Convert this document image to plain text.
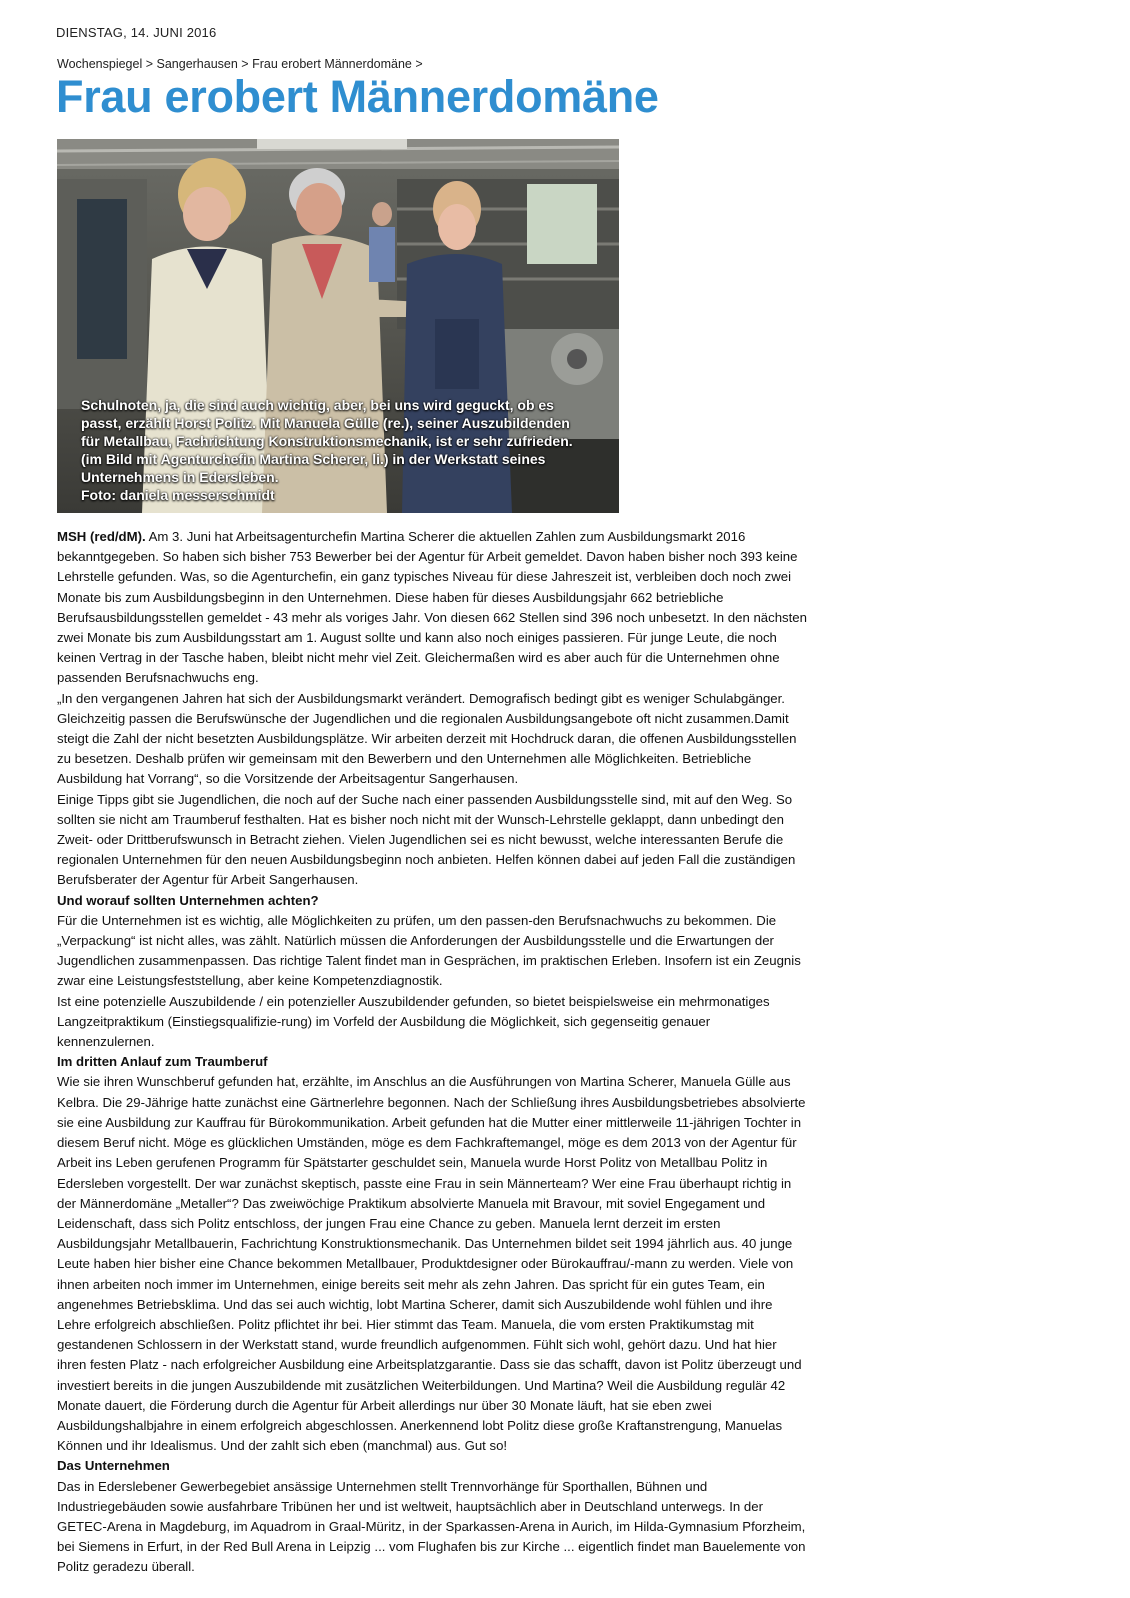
DIENSTAG, 14. JUNI 2016
Wochenspiegel > Sangerhausen > Frau erobert Männerdomäne >
Frau erobert Männerdomäne
Schulnoten, ja, die sind auch wichtig, aber, bei uns wird geguckt, ob es
passt, erzählt Horst Politz. Mit Manuela Gülle (re.), seiner Auszubildenden
für Metallbau, Fachrichtung Konstruktionsmechanik, ist er sehr zufrieden.
(im Bild mit Agenturchefin Martina Scherer, li.) in der Werkstatt seines
Unternehmens in Edersleben.
Foto: daniela messerschmidt

MSH (red/dM). Am 3. Juni hat Arbeitsagenturchefin Martina Scherer die aktuellen Zahlen zum Ausbildungsmarkt 2016 bekanntgegeben. So haben sich bisher 753 Bewerber bei der Agentur für Arbeit gemeldet. Davon haben bisher noch 393 keine Lehrstelle gefunden. Was, so die Agenturchefin, ein ganz typisches Niveau für diese Jahreszeit ist, verbleiben doch noch zwei Monate bis zum Ausbildungsbeginn in den Unternehmen. Diese haben für dieses Ausbildungsjahr 662 betriebliche Berufsausbildungsstellen gemeldet - 43 mehr als voriges Jahr. Von diesen 662 Stellen sind 396 noch unbesetzt. In den nächsten zwei Monate bis zum Ausbildungsstart am 1. August sollte und kann also noch einiges passieren. Für junge Leute, die noch keinen Vertrag in der Tasche haben, bleibt nicht mehr viel Zeit. Gleichermaßen wird es aber auch für die Unternehmen ohne passenden Berufsnachwuchs eng.

„In den vergangenen Jahren hat sich der Ausbildungsmarkt verändert. Demografisch bedingt gibt es weniger Schulabgänger. Gleichzeitig passen die Berufswünsche der Jugendlichen und die regionalen Ausbildungsangebote oft nicht zusammen.Damit steigt die Zahl der nicht besetzten Ausbildungsplätze. Wir arbeiten derzeit mit Hochdruck daran, die offenen Ausbildungsstellen zu besetzen. Deshalb prüfen wir gemeinsam mit den Bewerbern und den Unternehmen alle Möglichkeiten. Betriebliche Ausbildung hat Vorrang“, so die Vorsitzende der Arbeitsagentur Sangerhausen.

Einige Tipps gibt sie Jugendlichen, die noch auf der Suche nach einer passenden Ausbildungsstelle sind, mit auf den Weg. So sollten sie nicht am Traumberuf festhalten. Hat es bisher noch nicht mit der Wunsch-Lehrstelle geklappt, dann unbedingt den Zweit- oder Drittberufswunsch in Betracht ziehen. Vielen Jugendlichen sei es nicht bewusst, welche interessanten Berufe die regionalen Unternehmen für den neuen Ausbildungsbeginn noch anbieten. Helfen können dabei auf jeden Fall die zuständigen Berufsberater der Agentur für Arbeit Sangerhausen.

Und worauf sollten Unternehmen achten?

Für die Unternehmen ist es wichtig, alle Möglichkeiten zu prüfen, um den passen-den Berufsnachwuchs zu bekommen. Die „Verpackung“ ist nicht alles, was zählt. Natürlich müssen die Anforderungen der Ausbildungsstelle und die Erwartungen der Jugendlichen zusammenpassen. Das richtige Talent findet man in Gesprächen, im praktischen Erleben. Insofern ist ein Zeugnis zwar eine Leistungsfeststellung, aber keine Kompetenzdiagnostik.

Ist eine potenzielle Auszubildende / ein potenzieller Auszubildender gefunden, so bietet beispielsweise ein mehrmonatiges Langzeitpraktikum (Einstiegsqualifizie-rung) im Vorfeld der Ausbildung die Möglichkeit, sich gegenseitig genauer kennenzulernen.

Im dritten Anlauf zum Traumberuf

Wie sie ihren Wunschberuf gefunden hat, erzählte, im Anschlus an die Ausführungen von Martina Scherer, Manuela Gülle aus Kelbra. Die 29-Jährige hatte zunächst eine Gärtnerlehre begonnen. Nach der Schließung ihres Ausbildungsbetriebes absolvierte sie eine Ausbildung zur Kauffrau für Bürokommunikation. Arbeit gefunden hat die Mutter einer mittlerweile 11-jährigen Tochter in diesem Beruf nicht. Möge es glücklichen Umständen, möge es dem Fachkraftemangel, möge es dem 2013 von der Agentur für Arbeit ins Leben gerufenen Programm für Spätstarter geschuldet sein, Manuela wurde Horst Politz von Metallbau Politz in Edersleben vorgestellt. Der war zunächst skeptisch, passte eine Frau in sein Männerteam? Wer eine Frau überhaupt richtig in der Männerdomäne „Metaller“? Das zweiwöchige Praktikum absolvierte Manuela mit Bravour, mit soviel Engegament und Leidenschaft, dass sich Politz entschloss, der jungen Frau eine Chance zu geben. Manuela lernt derzeit im ersten Ausbildungsjahr Metallbauerin, Fachrichtung Konstruktionsmechanik. Das Unternehmen bildet seit 1994 jährlich aus. 40 junge Leute haben hier bisher eine Chance bekommen Metallbauer, Produktdesigner oder Bürokauffrau/-mann zu werden. Viele von ihnen arbeiten noch immer im Unternehmen, einige bereits seit mehr als zehn Jahren. Das spricht für ein gutes Team, ein angenehmes Betriebsklima. Und das sei auch wichtig, lobt Martina Scherer, damit sich Auszubildende wohl fühlen und ihre Lehre erfolgreich abschließen. Politz pflichtet ihr bei. Hier stimmt das Team. Manuela, die vom ersten Praktikumstag mit gestandenen Schlossern in der Werkstatt stand, wurde freundlich aufgenommen. Fühlt sich wohl, gehört dazu. Und hat hier ihren festen Platz - nach erfolgreicher Ausbildung eine Arbeitsplatzgarantie. Dass sie das schafft, davon ist Politz überzeugt und investiert bereits in die jungen Auszubildende mit zusätzlichen Weiterbildungen. Und Martina? Weil die Ausbildung regulär 42 Monate dauert, die Förderung durch die Agentur für Arbeit allerdings nur über 30 Monate läuft, hat sie eben zwei Ausbildungshalbjahre in einem erfolgreich abgeschlossen. Anerkennend lobt Politz diese große Kraftanstrengung, Manuelas Können und ihr Idealismus. Und der zahlt sich eben (manchmal) aus. Gut so!

Das Unternehmen

Das in Ederslebener Gewerbegebiet ansässige Unternehmen stellt Trennvorhänge für Sporthallen, Bühnen und Industriegebäuden sowie ausfahrbare Tribünen her und ist weltweit, hauptsächlich aber in Deutschland unterwegs. In der GETEC-Arena in Magdeburg, im Aquadrom in Graal-Müritz, in der Sparkassen-Arena in Aurich, im Hilda-Gymnasium Pforzheim, bei Siemens in Erfurt, in der Red Bull Arena in Leipzig ... vom Flughafen bis zur Kirche ... eigentlich findet man Bauelemente von Politz geradezu überall.
